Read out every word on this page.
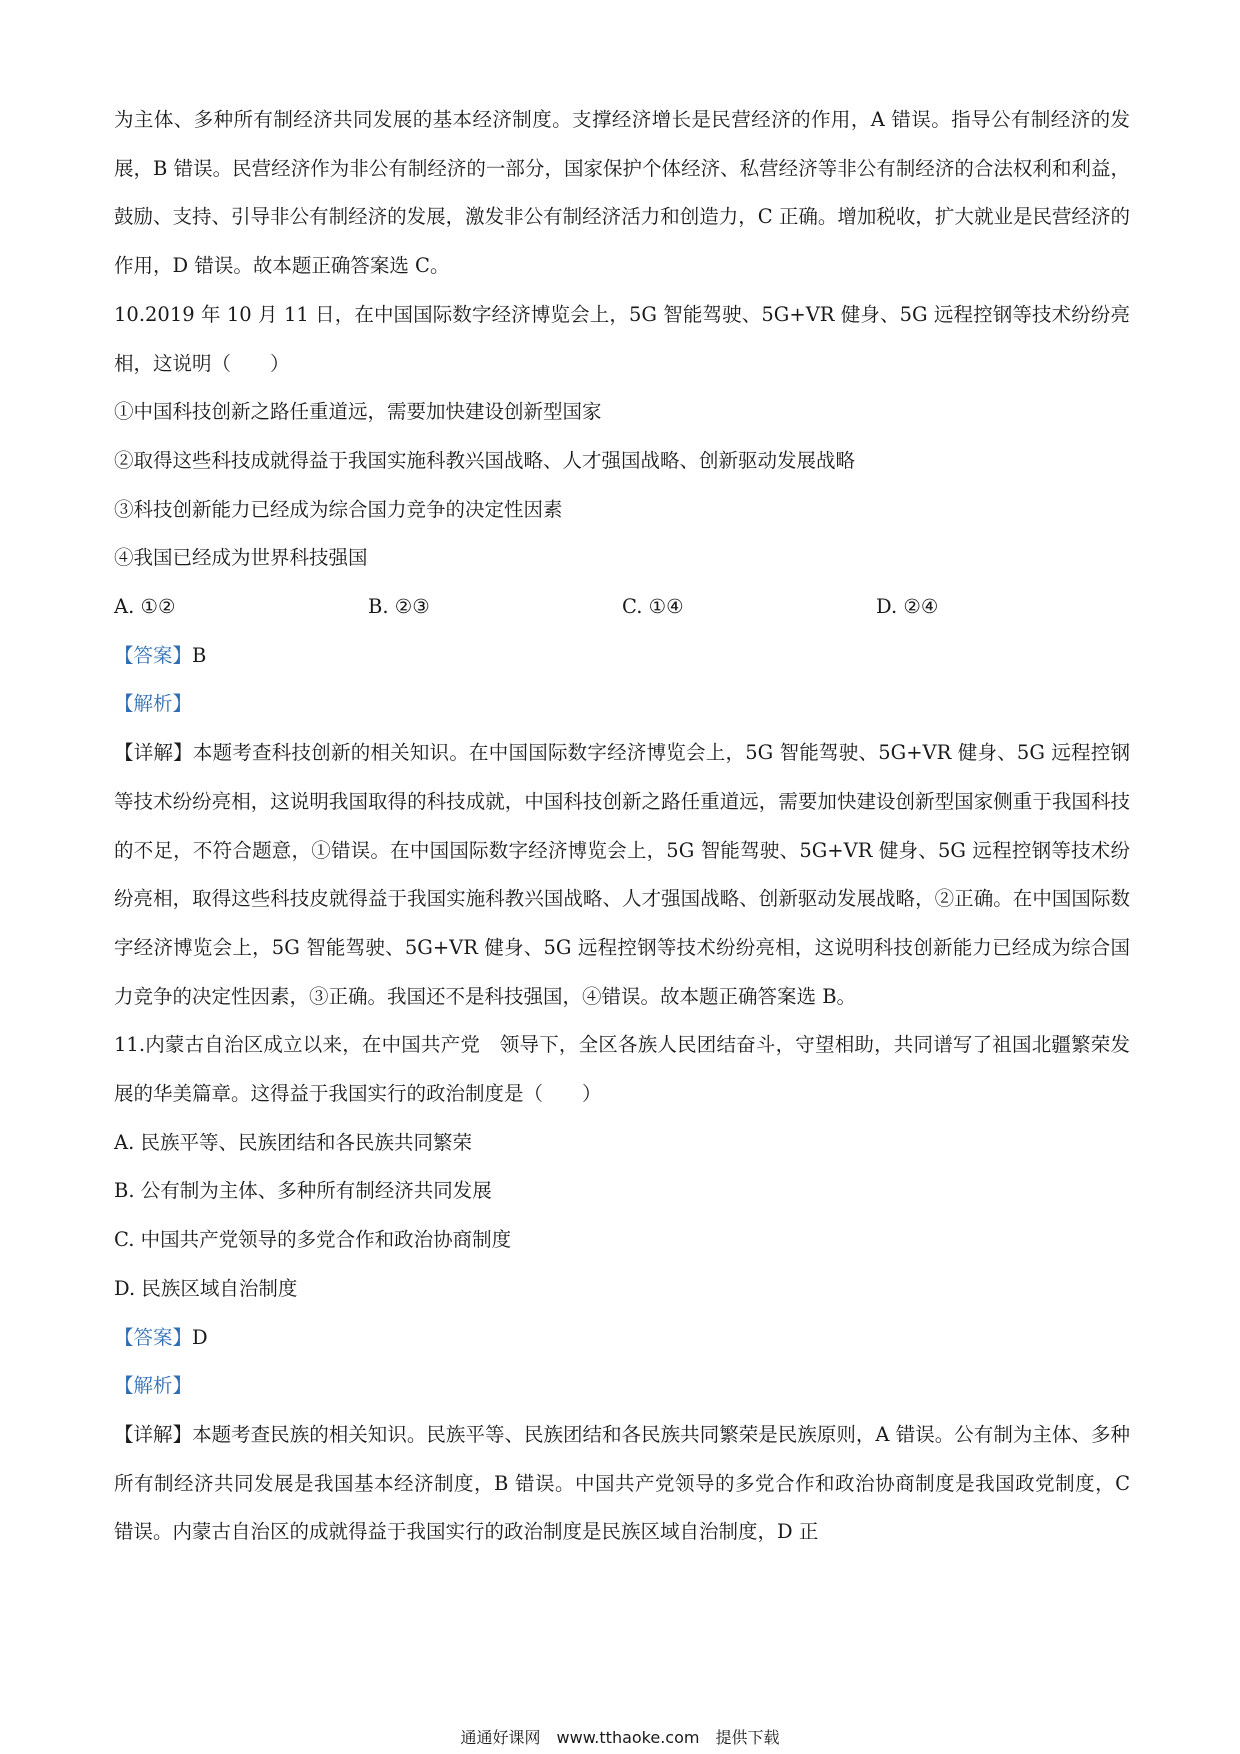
为主体、多种所有制经济共同发展的基本经济制度。支撑经济增长是民营经济的作用，A 错误。指导公有制经济的发展，B 错误。民营经济作为非公有制经济的一部分，国家保护个体经济、私营经济等非公有制经济的合法权利和利益，鼓励、支持、引导非公有制经济的发展，激发非公有制经济活力和创造力，C 正确。增加税收，扩大就业是民营经济的作用，D 错误。故本题正确答案选 C。

10.2019 年 10 月 11 日，在中国国际数字经济博览会上，5G 智能驾驶、5G+VR 健身、5G 远程控钢等技术纷纷亮相，这说明（　　）

①中国科技创新之路任重道远，需要加快建设创新型国家

②取得这些科技成就得益于我国实施科教兴国战略、人才强国战略、创新驱动发展战略

③科技创新能力已经成为综合国力竞争的决定性因素

④我国已经成为世界科技强国

A. ①②	B. ②③	C. ①④	D. ②④

【答案】B

【解析】

【详解】本题考查科技创新的相关知识。在中国国际数字经济博览会上，5G 智能驾驶、5G+VR 健身、5G 远程控钢等技术纷纷亮相，这说明我国取得的科技成就，中国科技创新之路任重道远，需要加快建设创新型国家侧重于我国科技的不足，不符合题意，①错误。在中国国际数字经济博览会上，5G 智能驾驶、5G+VR 健身、5G 远程控钢等技术纷纷亮相，取得这些科技皮就得益于我国实施科教兴国战略、人才强国战略、创新驱动发展战略，②正确。在中国国际数字经济博览会上，5G 智能驾驶、5G+VR 健身、5G 远程控钢等技术纷纷亮相，这说明科技创新能力已经成为综合国力竞争的决定性因素，③正确。我国还不是科技强国，④错误。故本题正确答案选 B。

11.内蒙古自治区成立以来，在中国共产党　领导下，全区各族人民团结奋斗，守望相助，共同谱写了祖国北疆繁荣发展的华美篇章。这得益于我国实行的政治制度是（　　）

A. 民族平等、民族团结和各民族共同繁荣

B. 公有制为主体、多种所有制经济共同发展

C. 中国共产党领导的多党合作和政治协商制度

D. 民族区域自治制度

【答案】D

【解析】

【详解】本题考查民族的相关知识。民族平等、民族团结和各民族共同繁荣是民族原则，A 错误。公有制为主体、多种所有制经济共同发展是我国基本经济制度，B 错误。中国共产党领导的多党合作和政治协商制度是我国政党制度，C 错误。内蒙古自治区的成就得益于我国实行的政治制度是民族区域自治制度，D 正

通通好课网　www.tthaoke.com　提供下载
